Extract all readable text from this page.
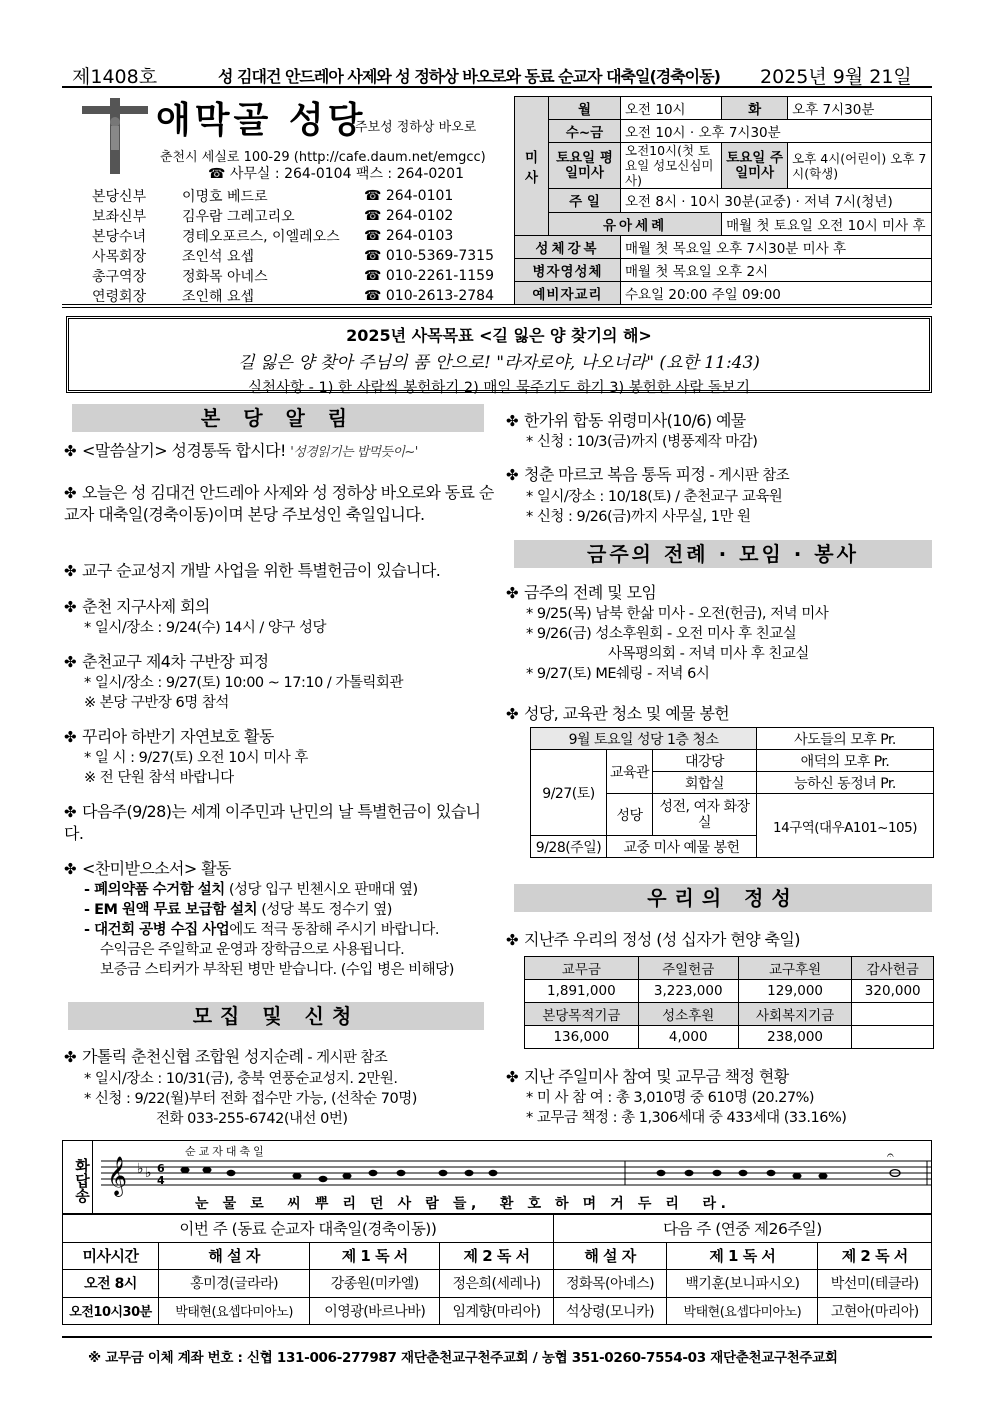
제1408호	성 김대건 안드레아 사제와 성 정하상 바오로와 동료 순교자 대축일(경축이동) 2025년 9월 21일
애막골 성당
주보성 정하상 바오로
춘천시 세실로 100-29 (http://cafe.daum.net/emgcc)
☎ 사무실 : 264-0104 팩스 : 264-0201
본당신부	이명호 베드로	☎ 264-0101
보좌신부	김우람 그레고리오	☎ 264-0102
본당수녀	경테오포르스, 이엘레오스	☎ 264-0103
사목회장	조인석 요셉	☎ 010-5369-7315
총구역장	정화목 아네스	☎ 010-2261-1159
연령회장	조인해 요셉	☎ 010-2613-2784
미사	월	오전 10시	화	오후 7시30분
	수~금	오전 10시 · 오후 7시30분		
	토요일 평일미사	오전10시(첫 토요일 성모신심미사)	토요일 주일미사	오후 4시(어린이) 오후 7시(학생)
	주 일	오전 8시 · 10시 30분(교중) · 저녁 7시(청년)		
	유아세례		매월 첫 토요일 오전 10시 미사 후	
성체강복		매월 첫 목요일 오후 7시30분 미사 후		
병자영성체		매월 첫 목요일 오후 2시		
예비자교리		수요일 20:00 주일 09:00		
2025년 사목목표 <길 잃은 양 찾기의 해>
길 잃은 양 찾아 주님의 품 안으로! "라자로야, 나오너라" (요한 11:43)
실천사항 - 1) 한 사람씩 봉헌하기 2) 매일 묵주기도 하기 3) 봉헌한 사람 돌보기
본 당 알 림
✤ <말씀살기> 성경통독 합시다! '성경읽기는 밥먹듯이~'
✤ 오늘은 성 김대건 안드레아 사제와 성 정하상 바오로와 동료 순교자 대축일(경축이동)이며 본당 주보성인 축일입니다.
✤ 교구 순교성지 개발 사업을 위한 특별헌금이 있습니다.
✤ 춘천 지구사제 회의
* 일시/장소 : 9/24(수) 14시 / 양구 성당
✤ 춘천교구 제4차 구반장 피정
* 일시/장소 : 9/27(토) 10:00 ~ 17:10 / 가톨릭회관
※ 본당 구반장 6명 참석
✤ 꾸리아 하반기 자연보호 활동
* 일 시 : 9/27(토) 오전 10시 미사 후
※ 전 단원 참석 바랍니다
✤ 다음주(9/28)는 세계 이주민과 난민의 날 특별헌금이 있습니다.
✤ <찬미받으소서> 활동
- 폐의약품 수거함 설치 (성당 입구 빈첸시오 판매대 옆)
- EM 원액 무료 보급함 설치 (성당 복도 정수기 옆)
- 대건회 공병 수집 사업에도 적극 동참해 주시기 바랍니다.
수익금은 주일학교 운영과 장학금으로 사용됩니다.
보증금 스티커가 부착된 병만 받습니다. (수입 병은 비해당)
모집 및 신청
✤ 가톨릭 춘천신협 조합원 성지순례 - 게시판 참조
* 일시/장소 : 10/31(금), 충북 연풍순교성지. 2만원.
* 신청 : 9/22(월)부터 전화 접수만 가능, (선착순 70명)
전화 033-255-6742(내선 0번)
✤ 한가위 합동 위령미사(10/6) 예물
* 신청 : 10/3(금)까지 (병풍제작 마감)
✤ 청춘 마르코 복음 통독 피정 - 게시판 참조
* 일시/장소 : 10/18(토) / 춘천교구 교육원
* 신청 : 9/26(금)까지 사무실, 1만 원
금주의 전례 · 모임 · 봉사
✤ 금주의 전례 및 모임
* 9/25(목) 남북 한삶 미사 - 오전(헌금), 저녁 미사
* 9/26(금) 성소후원회 - 오전 미사 후 친교실
사목평의회 - 저녁 미사 후 친교실
* 9/27(토) ME쉐링 - 저녁 6시
✤ 성당, 교육관 청소 및 예물 봉헌
9월 토요일 성당 1층 청소			사도들의 모후 Pr.
9/27(토)	교육관	대강당	애덕의 모후 Pr.
		회합실	능하신 동정녀 Pr.
	성당	성전, 여자 화장실	14구역(대우A101~105)
9/28(주일)	교중 미사 예물 봉헌		
우리의 정성
✤ 지난주 우리의 정성 (성 십자가 현양 축일)
교무금	주일헌금	교구후원	감사헌금
1,891,000	3,223,000	129,000	320,000
본당목적기금	성소후원	사회복지기금	
136,000	4,000	238,000	
✤ 지난 주일미사 참여 및 교무금 책정 현황
* 미 사 참 여 : 총 3,010명 중 610명 (20.27%)
* 교무금 책정 : 총 1,306세대 중 433세대 (33.16%)
화답송
순교자대축일
𝄞 ♭ ♭ 6
4
𝄐
눈 물 로  씨 뿌 리 던 사 람 들,  환 호 하 며 거 두 리  라.
이번 주 (동료 순교자 대축일(경축이동))				다음 주 (연중 제26주일)		
미사시간	해 설 자	제 1 독 서	제 2 독 서	해 설 자	제 1 독 서	제 2 독 서
오전 8시	홍미경(글라라)	강종원(미카엘)	정은희(세레나)	정화목(아네스)	백기훈(보니파시오)	박선미(테클라)
오전10시30분	박태현(요셉다미아노)	이영광(바르나바)	임계향(마리아)	석상령(모니카)	박태현(요셉다미아노)	고현아(마리아)
※ 교무금 이체 계좌 번호 : 신협 131-006-277987 재단춘천교구천주교회 / 농협 351-0260-7554-03 재단춘천교구천주교회
